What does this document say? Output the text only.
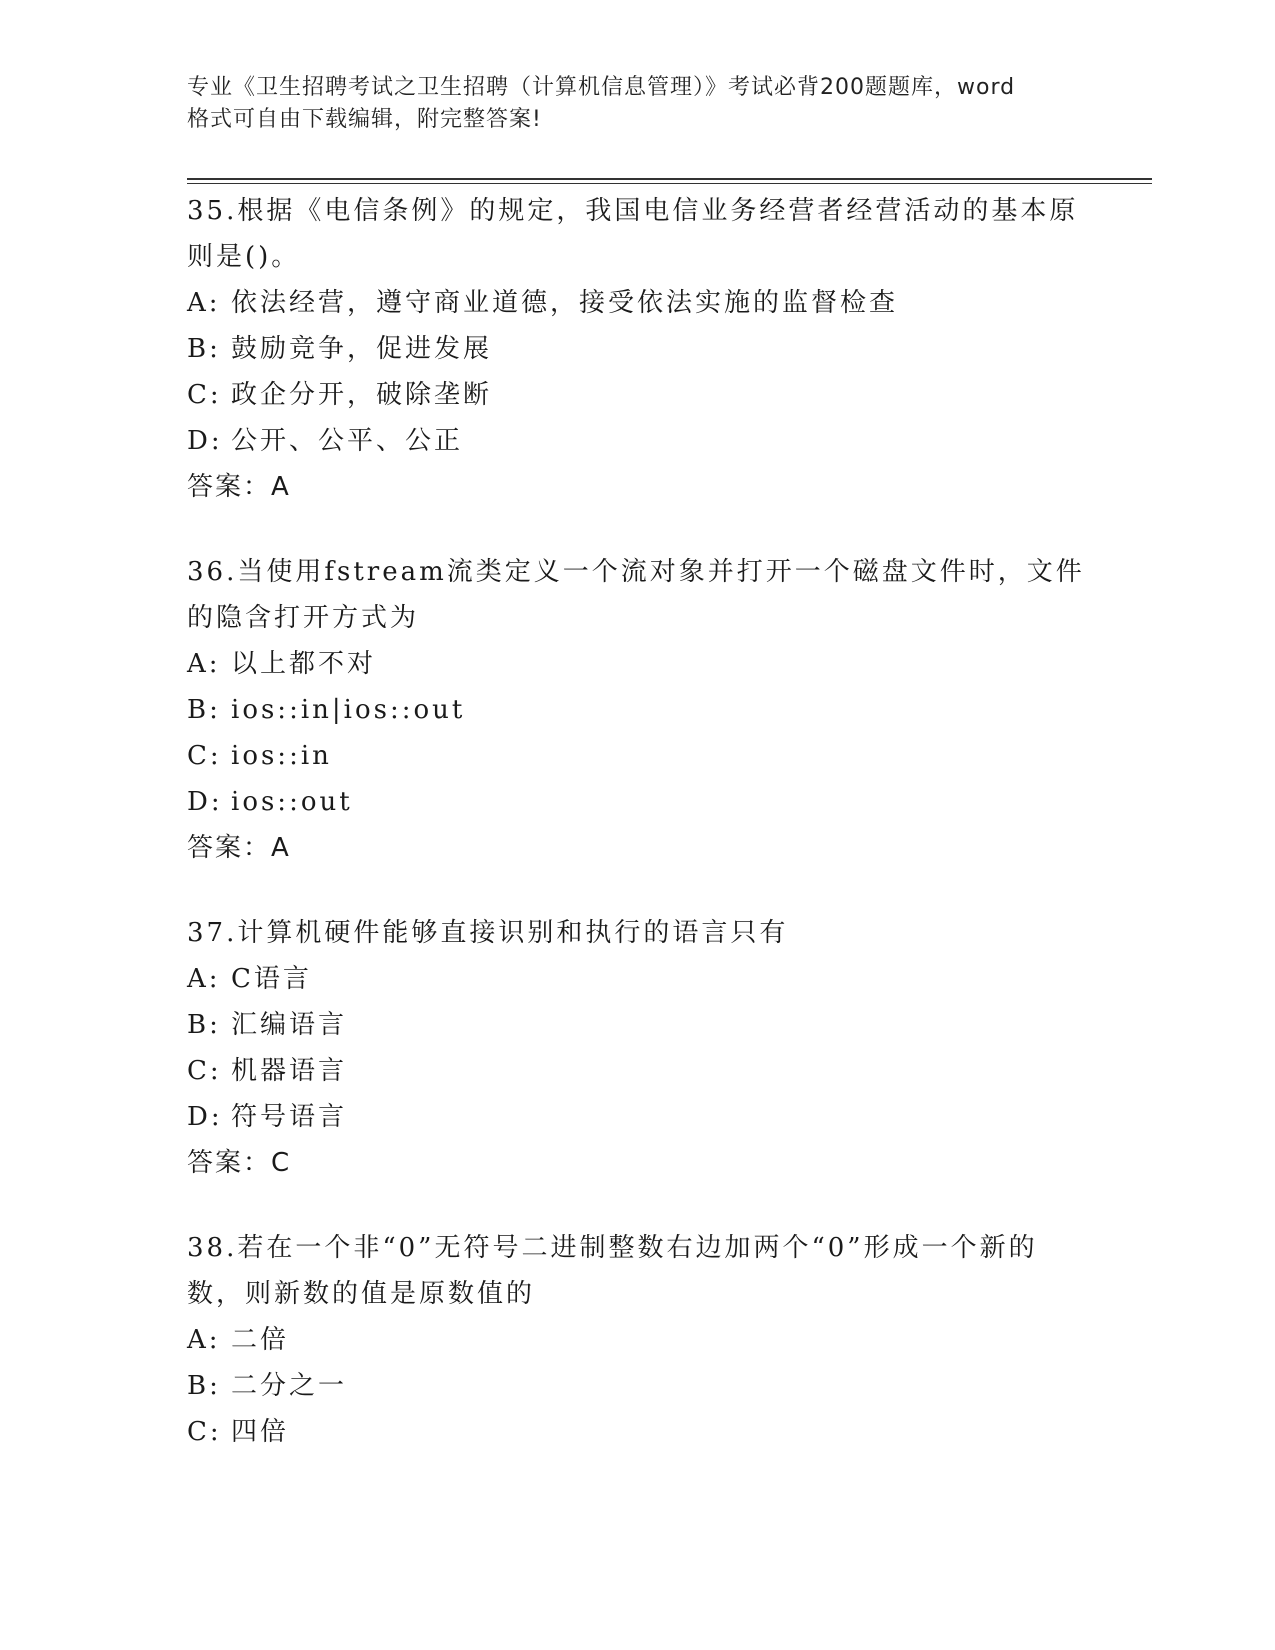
专业《卫生招聘考试之卫生招聘（计算机信息管理）》考试必背200题题库，word
格式可自由下载编辑，附完整答案!

35.根据《电信条例》的规定，我国电信业务经营者经营活动的基本原则是()。

A: 依法经营，遵守商业道德，接受依法实施的监督检查

B: 鼓励竞争，促进发展

C: 政企分开，破除垄断

D: 公开、公平、公正

答案：A

36.当使用fstream流类定义一个流对象并打开一个磁盘文件时，文件的隐含打开方式为

A: 以上都不对

B: ios::in|ios::out

C: ios::in

D: ios::out

答案：A

37.计算机硬件能够直接识别和执行的语言只有

A: C语言

B: 汇编语言

C: 机器语言

D: 符号语言

答案：C

38.若在一个非“0”无符号二进制整数右边加两个“0”形成一个新的数，则新数的值是原数值的

A: 二倍

B: 二分之一

C: 四倍
